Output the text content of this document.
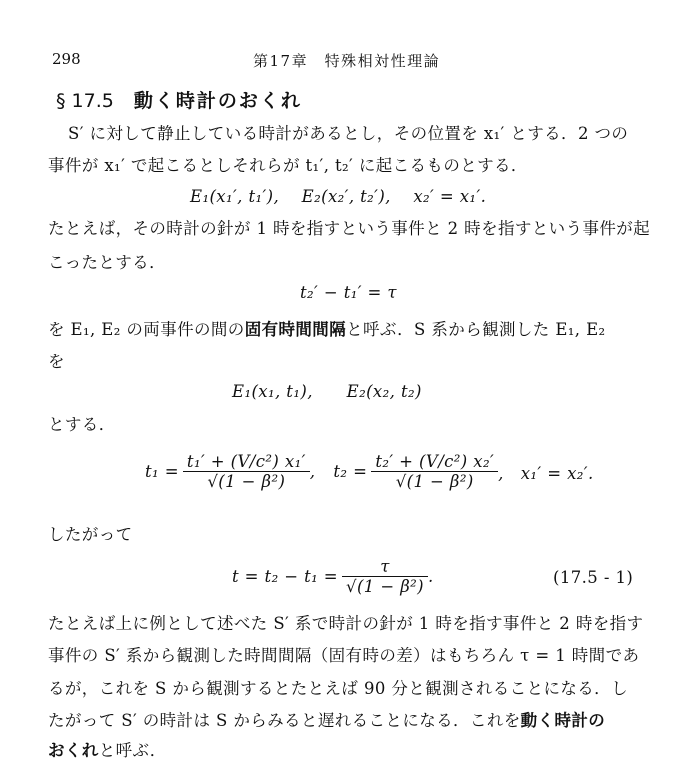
298	第17章　特殊相対性理論
§ 17.5 動く時計のおくれ
S′ に対して静止している時計があるとし，その位置を x₁′ とする．2 つの
事件が x₁′ で起こるとしそれらが t₁′, t₂′ に起こるものとする．
E₁(x₁′, t₁′),　 E₂(x₂′, t₂′),　 x₂′ = x₁′.
たとえば，その時計の針が 1 時を指すという事件と 2 時を指すという事件が起
こったとする．
t₂′ − t₁′ = τ
を E₁, E₂ の両事件の間の固有時間間隔と呼ぶ．S 系から観測した E₁, E₂
を
E₁(x₁, t₁),　　E₂(x₂, t₂)
とする．
$t_1 = \frac{\text{t₁′ + (V/c²) x₁′}}{\text{√(1 − β²)}}$ , $t_2 = \frac{\text{t₂′ + (V/c²) x₂′}}{\text{√(1 − β²)}}$ ,　x₁′ = x₂′.
したがって
$t = t_2 - t_1 = \frac{\tau}{\text{√(1 − β²)}}$ .	(17.5 - 1)
たとえば上に例として述べた S′ 系で時計の針が 1 時を指す事件と 2 時を指す
事件の S′ 系から観測した時間間隔（固有時の差）はもちろん τ = 1 時間であ
るが，これを S から観測するとたとえば 90 分と観測されることになる．し
たがって S′ の時計は S からみると遅れることになる．これを動く時計の
おくれと呼ぶ．
